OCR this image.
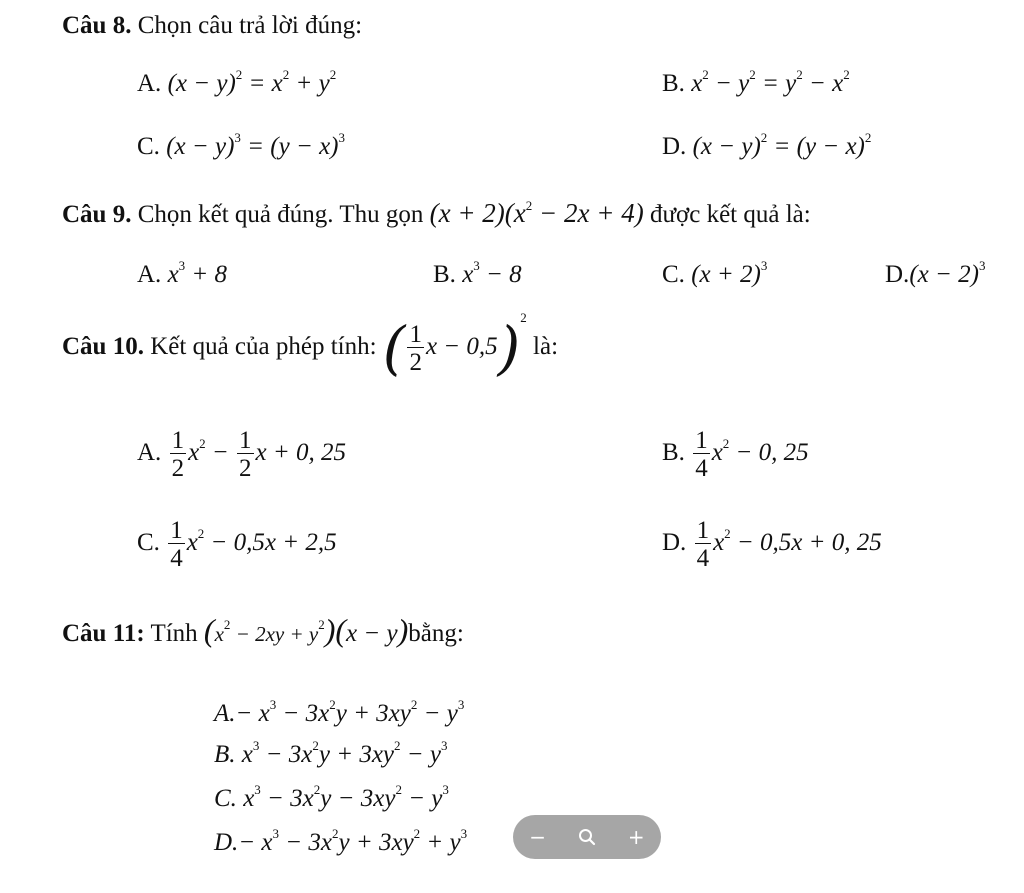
Câu 8. Chọn câu trả lời đúng:
A. $(x - y)^2 = x^2 + y^2$	B. $x^2 - y^2 = y^2 - x^2$
C. $(x - y)^3 = (y - x)^3$	D. $(x - y)^2 = (y - x)^2$
Câu 9. Chọn kết quả đúng. Thu gọn $(x + 2)(x^2 - 2x + 4)$ được kết quả là:
A. $x^3 + 8$	B. $x^3 - 8$	C. $(x + 2)^3$	$D.(x - 2)^3$
Câu 10. Kết quả của phép tính: ( $\frac{1}{2}$ x − 0,5)$^2$ là:
A. $\frac{1}{2} x^2 - \frac{1}{2}$ x + 0, 25	B. $\frac{1}{4} x^2 - 0$, 25
C. $\frac{1}{4} x^2 - 0,5x + 2,5$	D. $\frac{1}{4} x^2 - 0,5x + 0$, 25
Câu 11: Tính $(x^2 - 2xy + y^2)(x$ − y)bằng:
$A.- x^3 - 3x^2y + 3xy^2 - y^3$
B. $x^3 - 3x^2y + 3xy^2 - y^3$
C. $x^3 - 3x^2y - 3xy^2 - y^3$
$D.- x^3 - 3x^2y + 3xy^2 + y^3$	−	+
